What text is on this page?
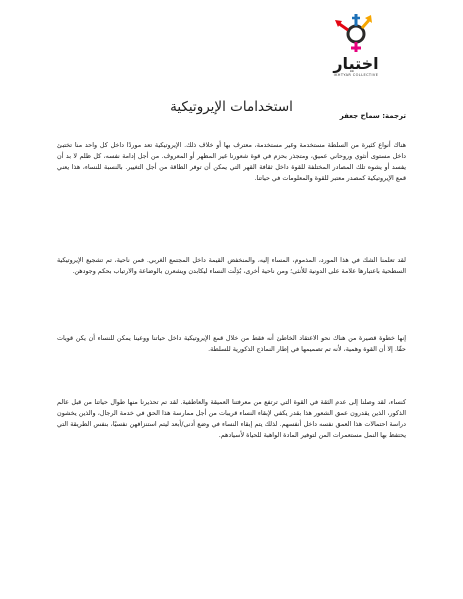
اختيار
IKHTYAR COLLECTIVE
استخدامات الإيروتيكية
ترجمة: سماح جعفر

هناك أنواع كثيرة من السلطة مستخدمة وغير مستخدمة، معترف بها أو خلاف ذلك. الإيروتيكية تعد موردًا داخل كل واحد منا تختبئ داخل مستوى أنثوي وروحاني عميق، ومتجذر بحزم في قوة شعورنا غير المظهر أو المعروف. من أجل إدامة نفسه، كل ظلم لا بد أن يفسد أو يشوه تلك المصادر المختلفة للقوة داخل ثقافة القهر التي يمكن أن توفر الطاقة من أجل التغيير. بالنسبة للنساء، هذا يعني قمع الإيروتيكية كمصدر معتبر للقوة والمعلومات في حياتنا.

لقد تعلمنا الشك في هذا المورد، المذموم، المساء إليه، والمنخفض القيمة داخل المجتمع الغربي. فمن ناحية، تم تشجيع الإيروتيكية السطحية باعتبارها علامة على الدونية للأنثى؛ ومن ناحية أخرى، بُذِلَت النساء ليكابدن ويشعرن بالوضاعة والارتياب بحكم وجودهن.

إنها خطوة قصيرة من هناك نحو الاعتقاد الخاطئ أنه فقط من خلال قمع الإيروتيكية داخل حياتنا ووعينا يمكن للنساء أن يكن قويات حقًا. إلا أن القوة وهمية، لأنه تم تصميمها في إطار النماذج الذكورية للسلطة.

كنساء، لقد وصلنا إلى عدم الثقة في القوة التي ترتفع من معرفتنا العميقة والعاطفية. لقد تم تحذيرنا منها طوال حياتنا من قبل عالم الذكور، الذين يقدرون عمق الشعور هذا بقدر يكفي لإبقاء النساء قريبات من أجل ممارسة هذا الحق في خدمة الرجال، والذين يخشون دراسة احتمالات هذا العمق نفسه داخل أنفسهم. لذلك يتم إبقاء النساء في وضع أدنى/أبعد ليتم استنزافهن نفسيًا، بنفس الطريقة التي يحتفظ بها النمل مستعمرات المن لتوفير المادة الواهبة للحياة لأسيادهم.
